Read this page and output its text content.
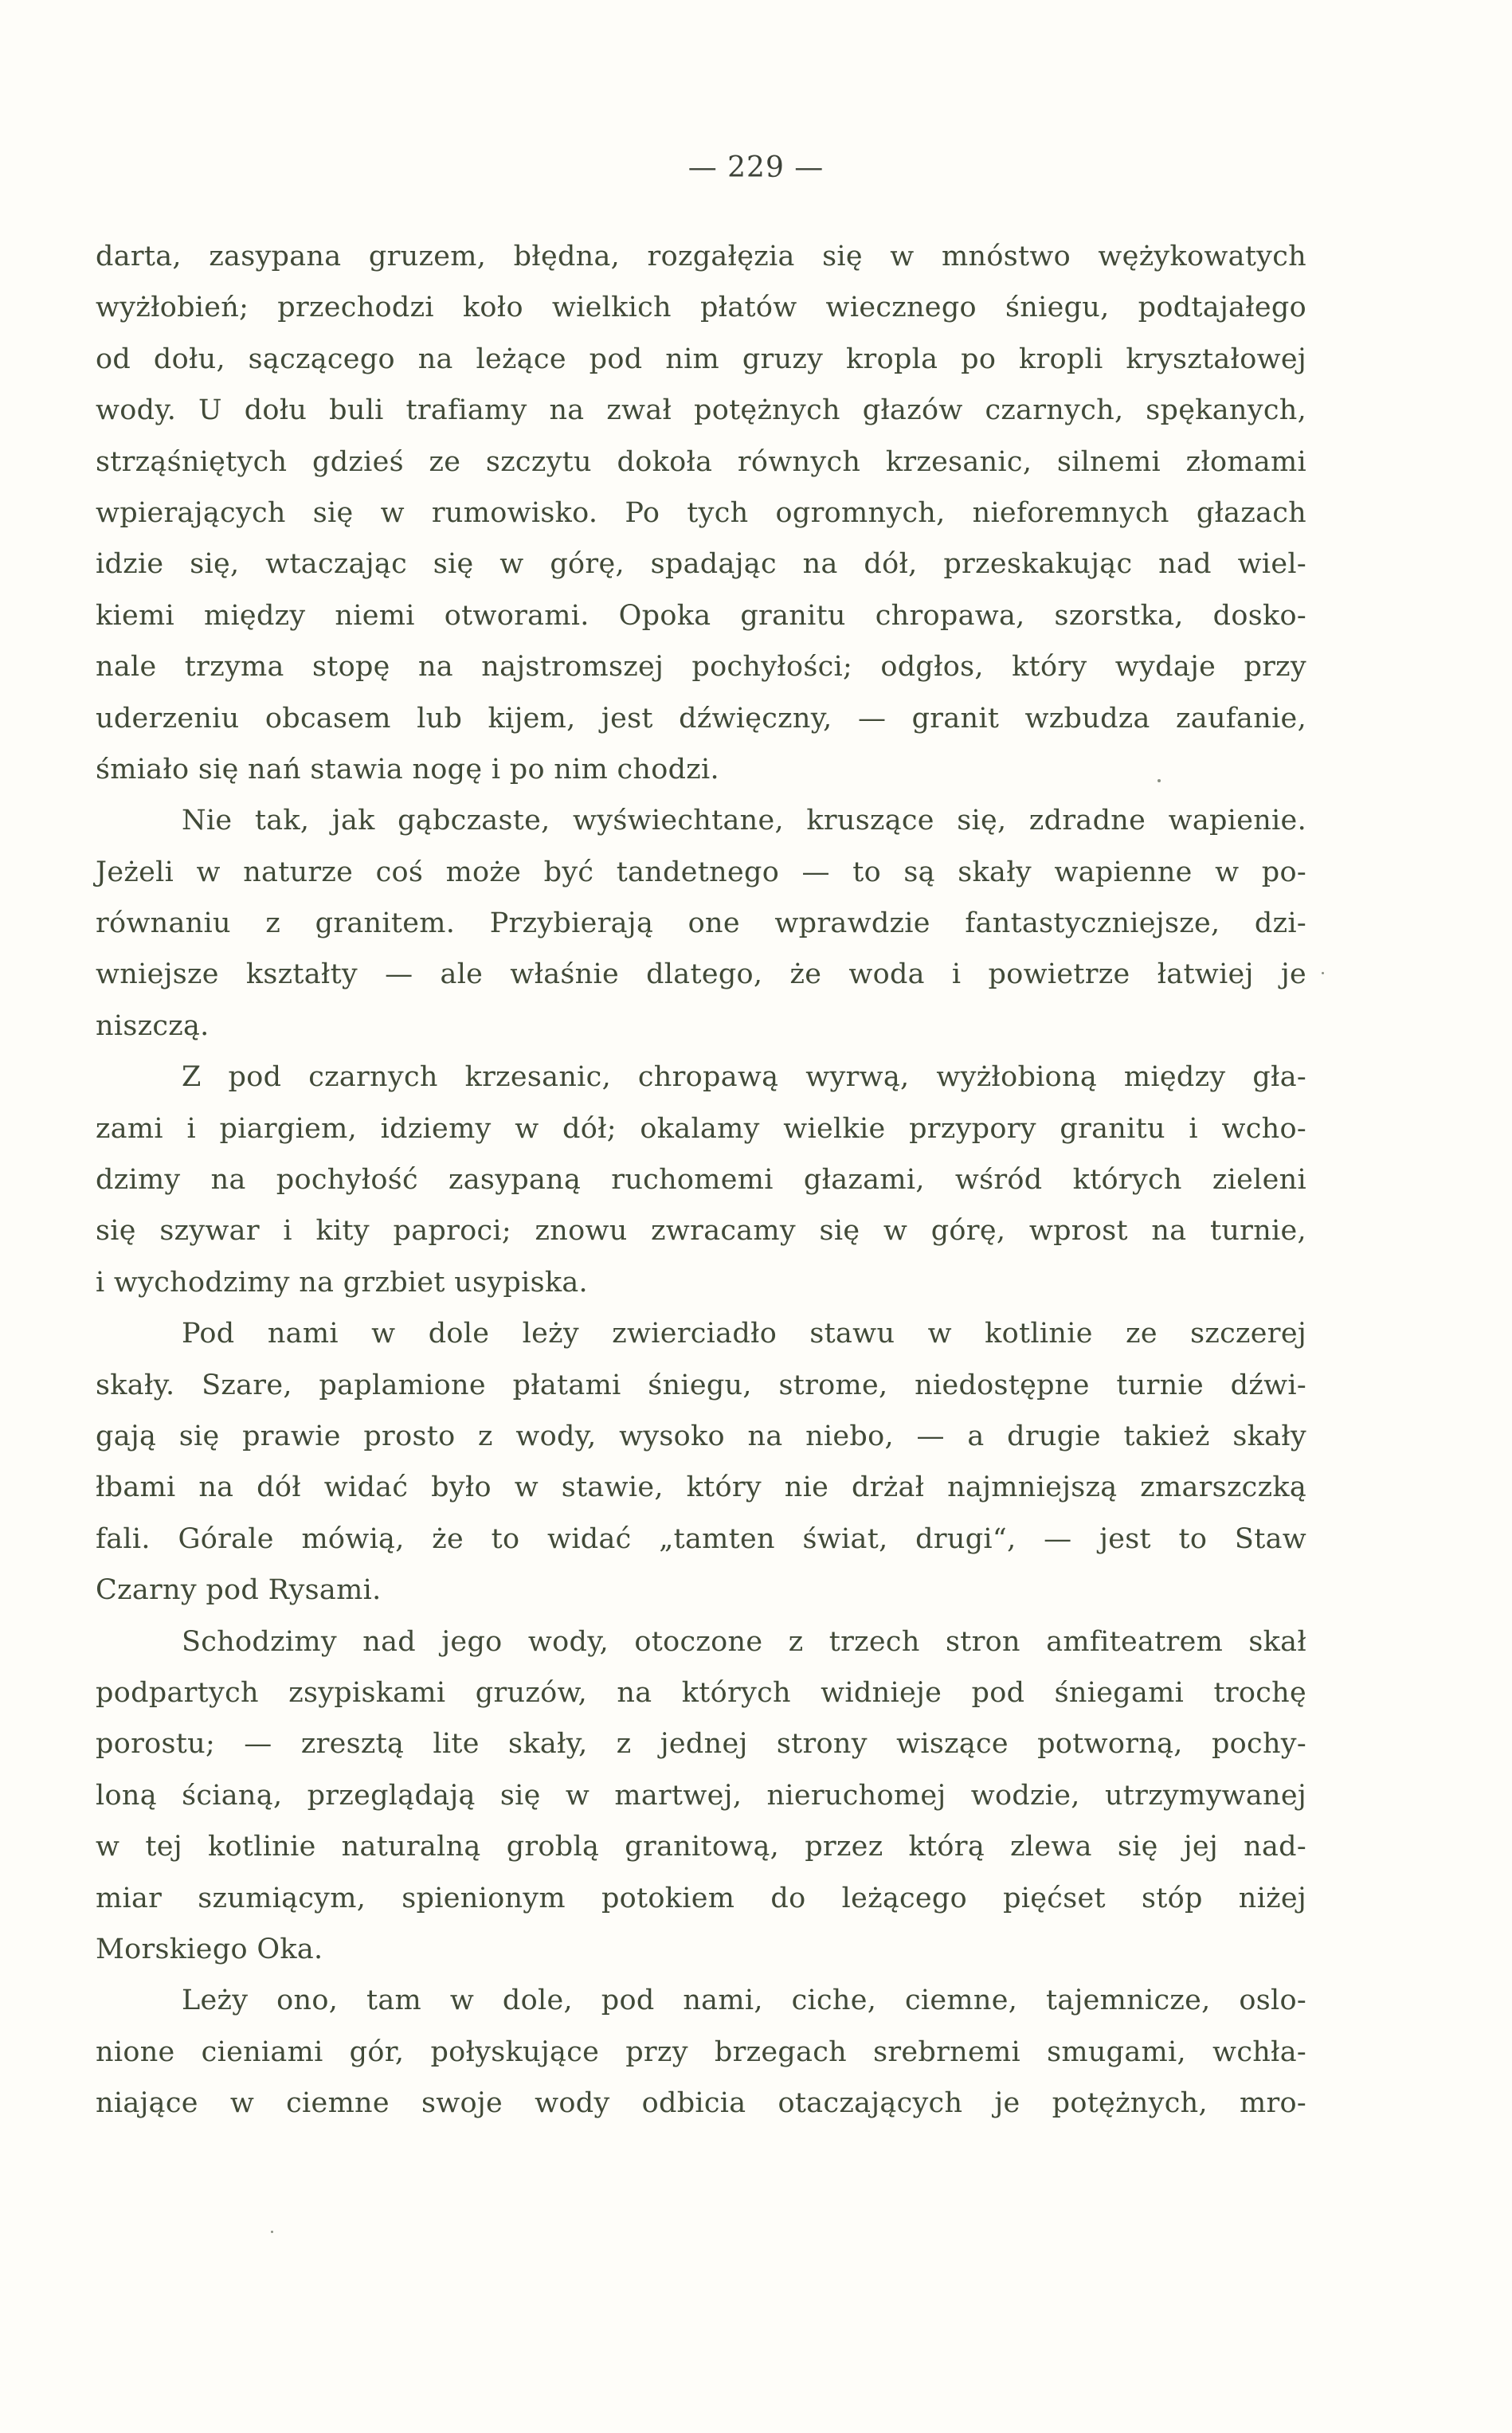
— 229 —
darta, zasypana gruzem, błędna, rozgałęzia się w mnóstwo wężykowatych
wyżłobień; przechodzi koło wielkich płatów wiecznego śniegu, podtajałego
od dołu, sączącego na leżące pod nim gruzy kropla po kropli kryształowej
wody. U dołu buli trafiamy na zwał potężnych głazów czarnych, spękanych,
strząśniętych gdzieś ze szczytu dokoła równych krzesanic, silnemi złomami
wpierających się w rumowisko. Po tych ogromnych, nieforemnych głazach
idzie się, wtaczając się w górę, spadając na dół, przeskakując nad wiel-
kiemi między niemi otworami. Opoka granitu chropawa, szorstka, dosko-
nale trzyma stopę na najstromszej pochyłości; odgłos, który wydaje przy
uderzeniu obcasem lub kijem, jest dźwięczny, — granit wzbudza zaufanie,
śmiało się nań stawia nogę i po nim chodzi.
Nie tak, jak gąbczaste, wyświechtane, kruszące się, zdradne wapienie.
Jeżeli w naturze coś może być tandetnego — to są skały wapienne w po-
równaniu z granitem. Przybierają one wprawdzie fantastyczniejsze, dzi-
wniejsze kształty — ale właśnie dlatego, że woda i powietrze łatwiej je
niszczą.
Z pod czarnych krzesanic, chropawą wyrwą, wyżłobioną między gła-
zami i piargiem, idziemy w dół; okalamy wielkie przypory granitu i wcho-
dzimy na pochyłość zasypaną ruchomemi głazami, wśród których zieleni
się szywar i kity paproci; znowu zwracamy się w górę, wprost na turnie,
i wychodzimy na grzbiet usypiska.
Pod nami w dole leży zwierciadło stawu w kotlinie ze szczerej
skały. Szare, paplamione płatami śniegu, strome, niedostępne turnie dźwi-
gają się prawie prosto z wody, wysoko na niebo, — a drugie takież skały
łbami na dół widać było w stawie, który nie drżał najmniejszą zmarszczką
fali. Górale mówią, że to widać „tamten świat, drugi“, — jest to Staw
Czarny pod Rysami.
Schodzimy nad jego wody, otoczone z trzech stron amfiteatrem skał
podpartych zsypiskami gruzów, na których widnieje pod śniegami trochę
porostu; — zresztą lite skały, z jednej strony wiszące potworną, pochy-
loną ścianą, przeglądają się w martwej, nieruchomej wodzie, utrzymywanej
w tej kotlinie naturalną groblą granitową, przez którą zlewa się jej nad-
miar szumiącym, spienionym potokiem do leżącego pięćset stóp niżej
Morskiego Oka.
Leży ono, tam w dole, pod nami, ciche, ciemne, tajemnicze, oslo-
nione cieniami gór, połyskujące przy brzegach srebrnemi smugami, wchła-
niające w ciemne swoje wody odbicia otaczających je potężnych, mro-
